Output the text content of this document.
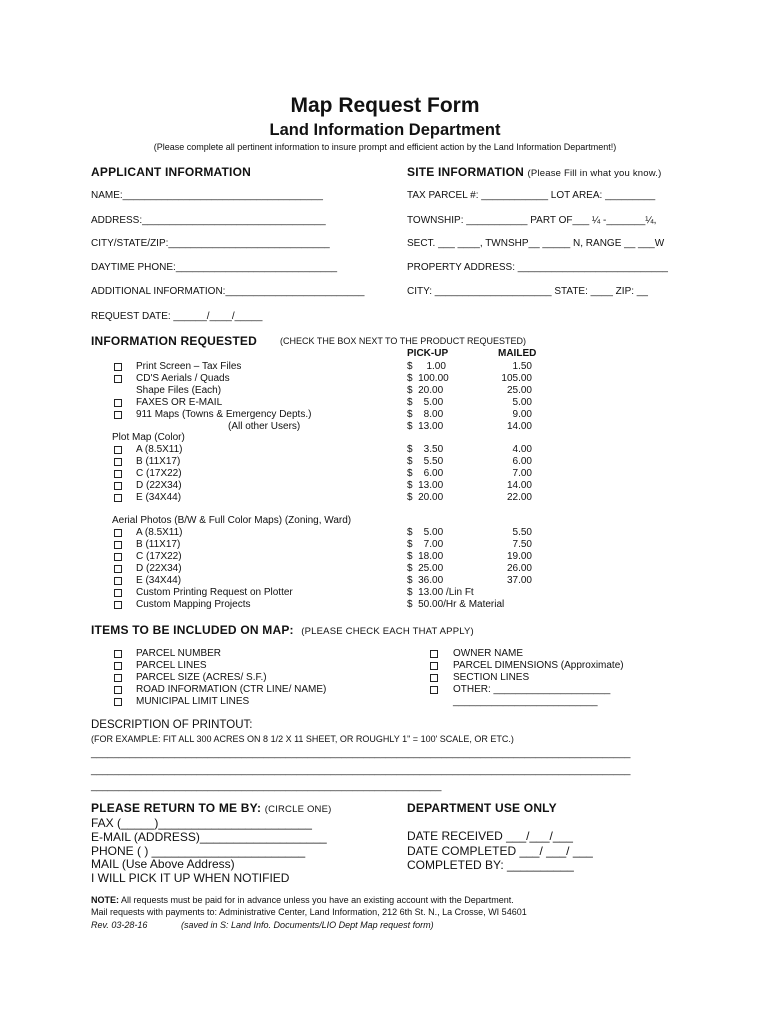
Map Request Form
Land Information Department
(Please complete all pertinent information to insure prompt and efficient action by the Land Information Department!)
APPLICANT INFORMATION
NAME:____________________________________
ADDRESS:_________________________________
CITY/STATE/ZIP:_____________________________
DAYTIME PHONE:_____________________________
ADDITIONAL INFORMATION:_________________________
REQUEST DATE: ______/____/_____
SITE INFORMATION (Please Fill in what you know.)
TAX PARCEL #: ____________ LOT AREA: _________
TOWNSHIP: ___________ PART OF___ ¼ -_______¼,
SECT. ___ ____, TWNSHP__ _____ N, RANGE __ ___W
PROPERTY ADDRESS: ___________________________
CITY: _____________________ STATE: ____ ZIP: __
INFORMATION REQUESTED	(CHECK THE BOX NEXT TO THE PRODUCT REQUESTED)
PICK-UP	MAILED
Print Screen – Tax Files	$     1.00	1.50
CD'S Aerials / Quads	$  100.00	105.00
Shape Files (Each)	$  20.00	25.00
FAXES OR E-MAIL	$    5.00	5.00
911 Maps (Towns & Emergency Depts.)	$    8.00	9.00
(All other Users)	$  13.00	14.00
Plot Map (Color)
A (8.5X11)	$    3.50	4.00
B (11X17)	$    5.50	6.00
C (17X22)	$    6.00	7.00
D (22X34)	$  13.00	14.00
E (34X44)	$  20.00	22.00
Aerial Photos (B/W & Full Color Maps) (Zoning, Ward)
A (8.5X11)	$    5.00	5.50
B (11X17)	$    7.00	7.50
C (17X22)	$  18.00	19.00
D (22X34)	$  25.00	26.00
E (34X44)	$  36.00	37.00
Custom Printing Request on Plotter	$  13.00 /Lin Ft
Custom Mapping Projects	$  50.00/Hr & Material
ITEMS TO BE INCLUDED ON MAP: (PLEASE CHECK EACH THAT APPLY)
PARCEL NUMBER
PARCEL LINES
PARCEL SIZE (ACRES/ S.F.)
ROAD INFORMATION (CTR LINE/ NAME)
MUNICIPAL LIMIT LINES
OWNER NAME
PARCEL DIMENSIONS (Approximate)
SECTION LINES
OTHER: _____________________
__________________________
DESCRIPTION OF PRINTOUT:
(FOR EXAMPLE: FIT ALL 300 ACRES ON 8 1/2 X 11 SHEET, OR ROUGHLY 1" = 100' SCALE, OR ETC.)
_________________________________________________________________________________________________
_________________________________________________________________________________________________
_______________________________________________________________
PLEASE RETURN TO ME BY: (CIRCLE ONE)
FAX (_____)_______________________
E-MAIL (ADDRESS)___________________
PHONE ( ) _______________________
MAIL (Use Above Address)
I WILL PICK IT UP WHEN NOTIFIED
DEPARTMENT USE ONLY
DATE RECEIVED ___/___/___
DATE COMPLETED ___/ ___/ ___
COMPLETED BY: __________
NOTE: All requests must be paid for in advance unless you have an existing account with the Department.
Mail requests with payments to: Administrative Center, Land Information, 212 6th St. N., La Crosse, WI 54601
Rev. 03-28-16	(saved in S: Land Info. Documents/LIO Dept Map request form)
